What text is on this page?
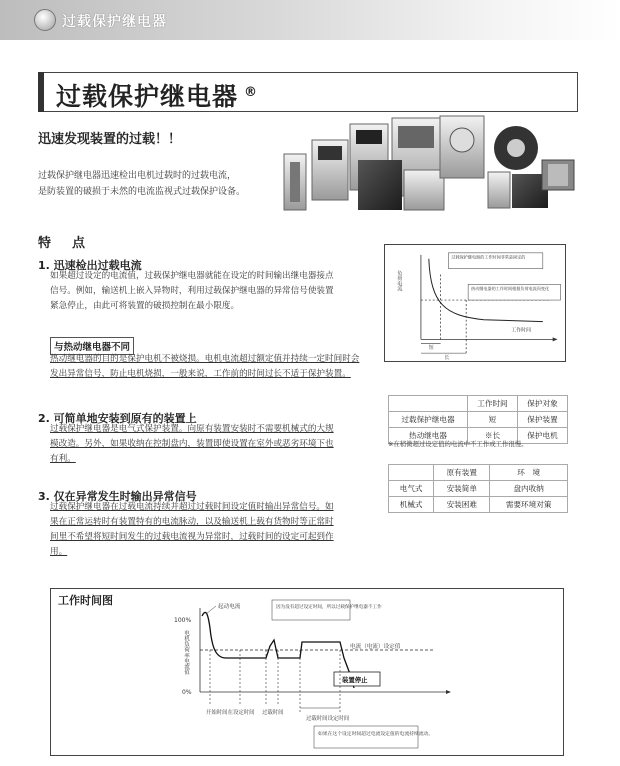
过载保护继电器
过载保护继电器 ®
迅速发现装置的过载！！
过载保护继电器迅速检出电机过载时的过载电流，
是防装置的破损于未然的电流监视式过载保护设备。
特　点
1. 迅速检出过载电流
如果超过设定的电流值，过载保护继电器就能在设定的时间输出继电器接点
信号。例如，输送机上嵌入异物时，利用过载保护继电器的异常信号使装置
紧急停止，由此可将装置的破损控制在最小限度。
与热动继电器不同
热动继电器的目的是保护电机不被烧损。电机电流超过额定值并持续一定时间时会
发出异常信号，防止电机烧损，一般来说，工作前的时间过长不适于保护装置。
2. 可简单地安装到原有的装置上
过载保护继电器是电气式保护装置。向原有装置安装时不需要机械式的大规
模改造。另外，如果收纳在控制盘内，装置即使设置在室外或恶劣环境下也
有利。
3. 仅在异常发生时输出异常信号
过载保护继电器在过载电流持续并超过过载时间设定值时输出异常信号。如
果在正常运转时有装置特有的电流脉动，以及输送机上载有货物时等正常时
间里不希望将短时间发生的过载电流视为异常时，过载时间的设定可起到作
用。
负荷电流
工作时间
过载保护继电器的工作时间非常是固定的
热动继电器的工作时间根据负荷电流而变化
短
长
	工作时间	保护对象
过载保护继电器	短	保护装置
热动继电器	※长	保护电机
※在稍微超过设定值的电流中不工作或工作很慢。
	原有装置	环　境
电气式	安装简单	盘内收纳
机械式	安装困难	需要环境对策
工作时间图
100%
0%
电机负荷率电流值
起动电流	因为没有超过设定时间，所以过载保护继电器不工作
电流（电流）设定值
装置停止
开始时间在设定时间 过载时间
过载时间设定时间
如果在这个设定时间超过电流设定值的电流持续流动。
